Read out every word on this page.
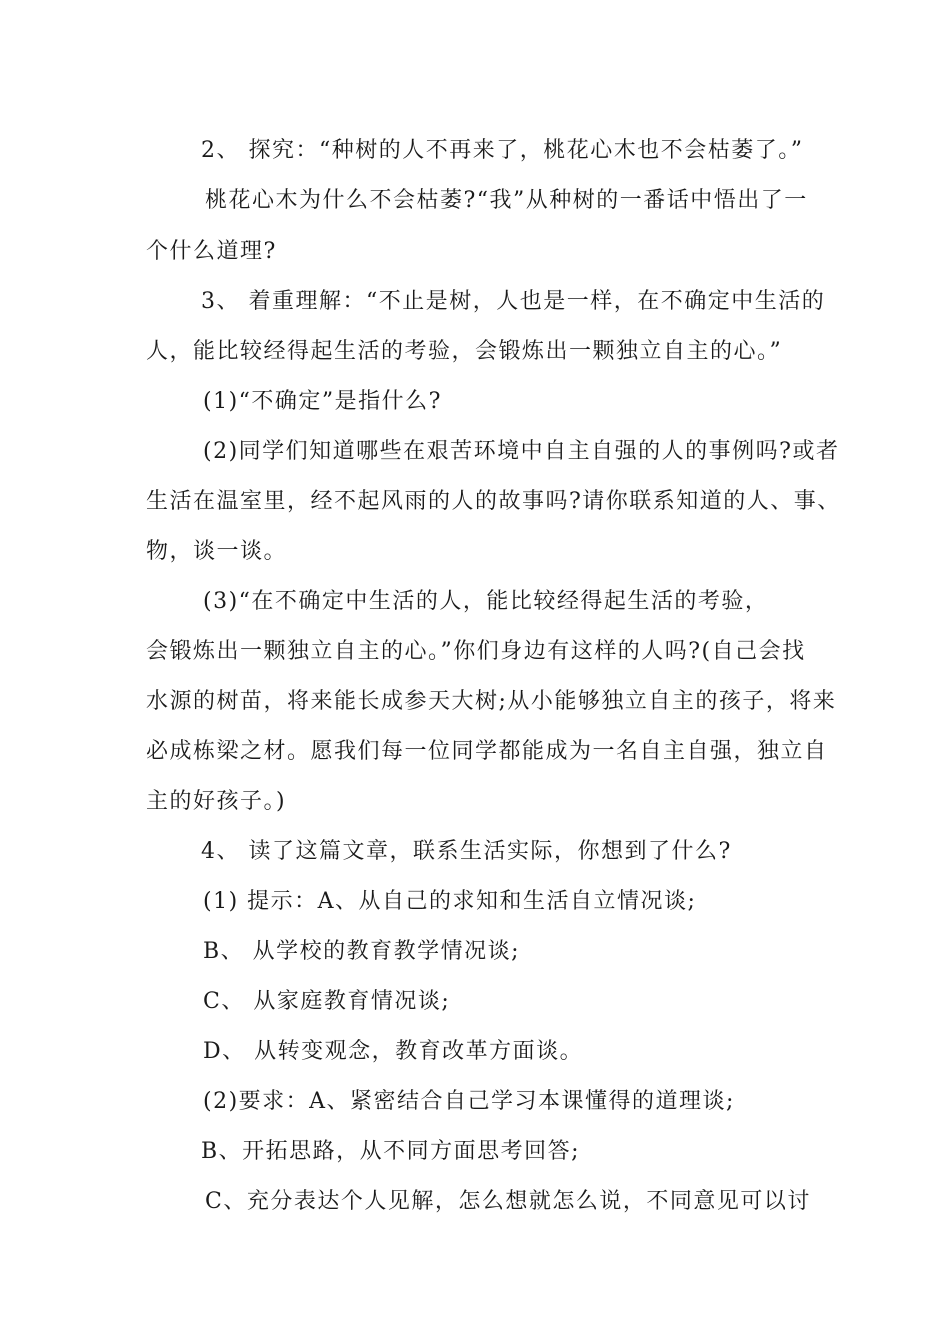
2、 探究：“种树的人不再来了，桃花心木也不会枯萎了。”
桃花心木为什么不会枯萎?“我”从种树的一番话中悟出了一
个什么道理?
3、 着重理解：“不止是树，人也是一样，在不确定中生活的
人，能比较经得起生活的考验，会锻炼出一颗独立自主的心。”
(1)“不确定”是指什么?
(2)同学们知道哪些在艰苦环境中自主自强的人的事例吗?或者
生活在温室里，经不起风雨的人的故事吗?请你联系知道的人、事、
物，谈一谈。
(3)“在不确定中生活的人，能比较经得起生活的考验，
会锻炼出一颗独立自主的心。”你们身边有这样的人吗?(自己会找
水源的树苗，将来能长成参天大树;从小能够独立自主的孩子，将来
必成栋梁之材。愿我们每一位同学都能成为一名自主自强，独立自
主的好孩子。)
4、 读了这篇文章，联系生活实际，你想到了什么?
(1) 提示：A、从自己的求知和生活自立情况谈;
B、 从学校的教育教学情况谈;
C、 从家庭教育情况谈;
D、 从转变观念，教育改革方面谈。
(2)要求：A、紧密结合自己学习本课懂得的道理谈;
B、开拓思路，从不同方面思考回答;
C、充分表达个人见解，怎么想就怎么说，不同意见可以讨
